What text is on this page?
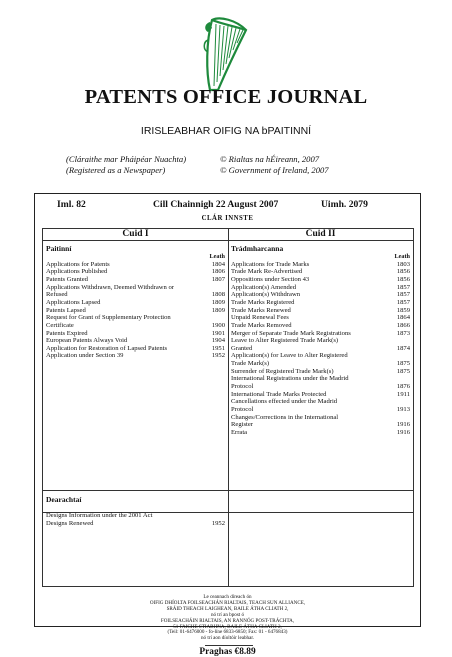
PATENTS OFFICE JOURNAL
IRISLEABHAR OIFIG NA bPAITINNÍ
(Cláraithe mar Pháipéar Nuachta)
(Registered as a Newspaper)
© Rialtas na hÉireann, 2007
© Government of Ireland, 2007
Iml. 82	Cill Chainnigh 22 August 2007	Uimh. 2079
CLÁR INNSTE
Cuid I
Paitinní
Leath
Applications for Patents	1804
Applications Published	1806
Patents Granted	1807
Applications Withdrawn, Deemed Withdrawn or
Refused	1808
Applications Lapsed	1809
Patents Lapsed	1809
Request for Grant of Supplementary Protection
Certificate	1900
Patents Expired	1901
European Patents Always Void	1904
Application for Restoration of Lapsed Patents	1951
Application under Section 39	1952
Cuid II
Trádmharcanna
Leath
Applications for Trade Marks	1803
Trade Mark Re-Advertised	1856
Oppositions under Section 43	1856
Application(s) Amended	1857
Application(s) Withdrawn	1857
Trade Marks Registered	1857
Trade Marks Renewed	1859
Unpaid Renewal Fees	1864
Trade Marks Removed	1866
Merger of Separate Trade Mark Registrations	1873
Leave to Alter Registered Trade Mark(s)
Granted	1874
Application(s) for Leave to Alter Registered
Trade Mark(s)	1875
Surrender of Registered Trade Mark(s)	1875
International Registrations under the Madrid
Protocol	1876
International Trade Marks Protected	1911
Cancellations effected under the Madrid
Protocol	1913
Changes/Corrections in the International
Register	1916
Errata	1916
Dearachtaí
Designs Information under the 2001 Act
Designs Renewed	1952
Le ceannach díreach ón
OIFIG DHÍOLTA FOILSEACHÁN RIALTAIS, TEACH SUN ALLIANCE,
SRÁID THEACH LAIGHEAN, BAILE ÁTHA CLIATH 2,
nó trí an bpost ó
FOILSEACHÁIN RIALTAIS, AN RANNÓG POST-TRÁCHTA,
51 FAICHE STIABHNA, BAILE ÁTHA CLIATH 2,
(Teil: 01-6476000 - fo-líne 6833-6850; Fax: 01 - 6476843)
nó trí aon díoltóir leabhar.
Praghas €8.89
